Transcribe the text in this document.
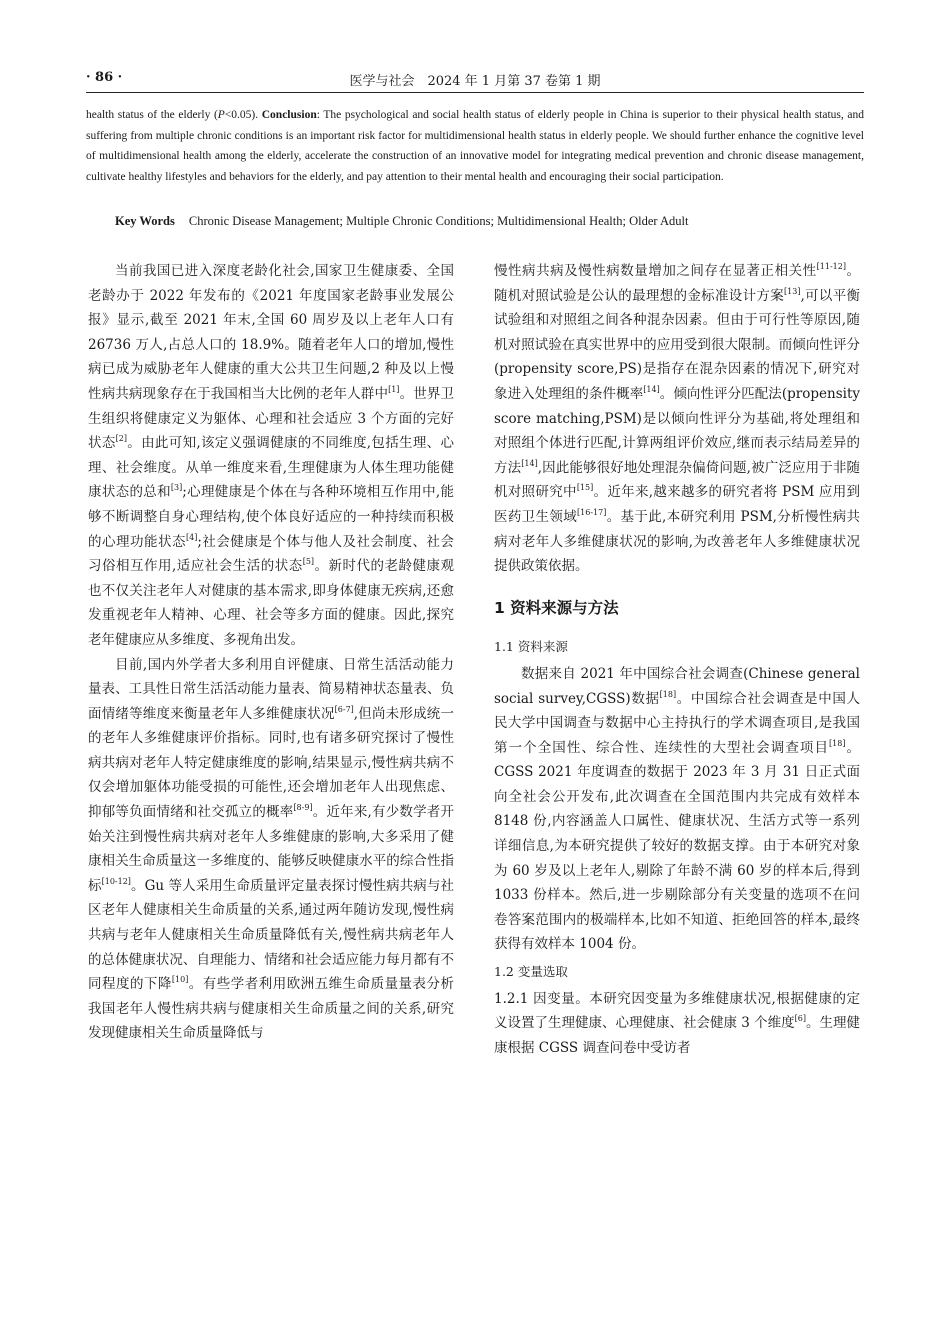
· 86 ·	医学与社会　2024 年 1 月第 37 卷第 1 期
health status of the elderly (P<0.05). Conclusion: The psychological and social health status of elderly people in China is superior to their physical health status, and suffering from multiple chronic conditions is an important risk factor for multidimensional health status in elderly people. We should further enhance the cognitive level of multidimensional health among the elderly, accelerate the construction of an innovative model for integrating medical prevention and chronic disease management, cultivate healthy lifestyles and behaviors for the elderly, and pay attention to their mental health and encouraging their social participation.
Key Words Chronic Disease Management; Multiple Chronic Conditions; Multidimensional Health; Older Adult

当前我国已进入深度老龄化社会,国家卫生健康委、全国老龄办于 2022 年发布的《2021 年度国家老龄事业发展公报》显示,截至 2021 年末,全国 60 周岁及以上老年人口有 26736 万人,占总人口的 18.9%。随着老年人口的增加,慢性病已成为威胁老年人健康的重大公共卫生问题,2 种及以上慢性病共病现象存在于我国相当大比例的老年人群中[1]。世界卫生组织将健康定义为躯体、心理和社会适应 3 个方面的完好状态[2]。由此可知,该定义强调健康的不同维度,包括生理、心理、社会维度。从单一维度来看,生理健康为人体生理功能健康状态的总和[3];心理健康是个体在与各种环境相互作用中,能够不断调整自身心理结构,使个体良好适应的一种持续而积极的心理功能状态[4];社会健康是个体与他人及社会制度、社会习俗相互作用,适应社会生活的状态[5]。新时代的老龄健康观也不仅关注老年人对健康的基本需求,即身体健康无疾病,还愈发重视老年人精神、心理、社会等多方面的健康。因此,探究老年健康应从多维度、多视角出发。

目前,国内外学者大多利用自评健康、日常生活活动能力量表、工具性日常生活活动能力量表、简易精神状态量表、负面情绪等维度来衡量老年人多维健康状况[6-7],但尚未形成统一的老年人多维健康评价指标。同时,也有诸多研究探讨了慢性病共病对老年人特定健康维度的影响,结果显示,慢性病共病不仅会增加躯体功能受损的可能性,还会增加老年人出现焦虑、抑郁等负面情绪和社交孤立的概率[8-9]。近年来,有少数学者开始关注到慢性病共病对老年人多维健康的影响,大多采用了健康相关生命质量这一多维度的、能够反映健康水平的综合性指标[10-12]。Gu 等人采用生命质量评定量表探讨慢性病共病与社区老年人健康相关生命质量的关系,通过两年随访发现,慢性病共病与老年人健康相关生命质量降低有关,慢性病共病老年人的总体健康状况、自理能力、情绪和社会适应能力每月都有不同程度的下降[10]。有些学者利用欧洲五维生命质量量表分析我国老年人慢性病共病与健康相关生命质量之间的关系,研究发现健康相关生命质量降低与

慢性病共病及慢性病数量增加之间存在显著正相关性[11-12]。随机对照试验是公认的最理想的金标准设计方案[13],可以平衡试验组和对照组之间各种混杂因素。但由于可行性等原因,随机对照试验在真实世界中的应用受到很大限制。而倾向性评分(propensity score,PS)是指存在混杂因素的情况下,研究对象进入处理组的条件概率[14]。倾向性评分匹配法(propensity score matching,PSM)是以倾向性评分为基础,将处理组和对照组个体进行匹配,计算两组评价效应,继而表示结局差异的方法[14],因此能够很好地处理混杂偏倚问题,被广泛应用于非随机对照研究中[15]。近年来,越来越多的研究者将 PSM 应用到医药卫生领域[16-17]。基于此,本研究利用 PSM,分析慢性病共病对老年人多维健康状况的影响,为改善老年人多维健康状况提供政策依据。

1 资料来源与方法
1.1 资料来源

数据来自 2021 年中国综合社会调查(Chinese general social survey,CGSS)数据[18]。中国综合社会调查是中国人民大学中国调查与数据中心主持执行的学术调查项目,是我国第一个全国性、综合性、连续性的大型社会调查项目[18]。CGSS 2021 年度调查的数据于 2023 年 3 月 31 日正式面向全社会公开发布,此次调查在全国范围内共完成有效样本 8148 份,内容涵盖人口属性、健康状况、生活方式等一系列详细信息,为本研究提供了较好的数据支撑。由于本研究对象为 60 岁及以上老年人,剔除了年龄不满 60 岁的样本后,得到 1033 份样本。然后,进一步剔除部分有关变量的选项不在问卷答案范围内的极端样本,比如不知道、拒绝回答的样本,最终获得有效样本 1004 份。

1.2 变量选取

1.2.1 因变量。本研究因变量为多维健康状况,根据健康的定义设置了生理健康、心理健康、社会健康 3 个维度[6]。生理健康根据 CGSS 调查问卷中受访者
